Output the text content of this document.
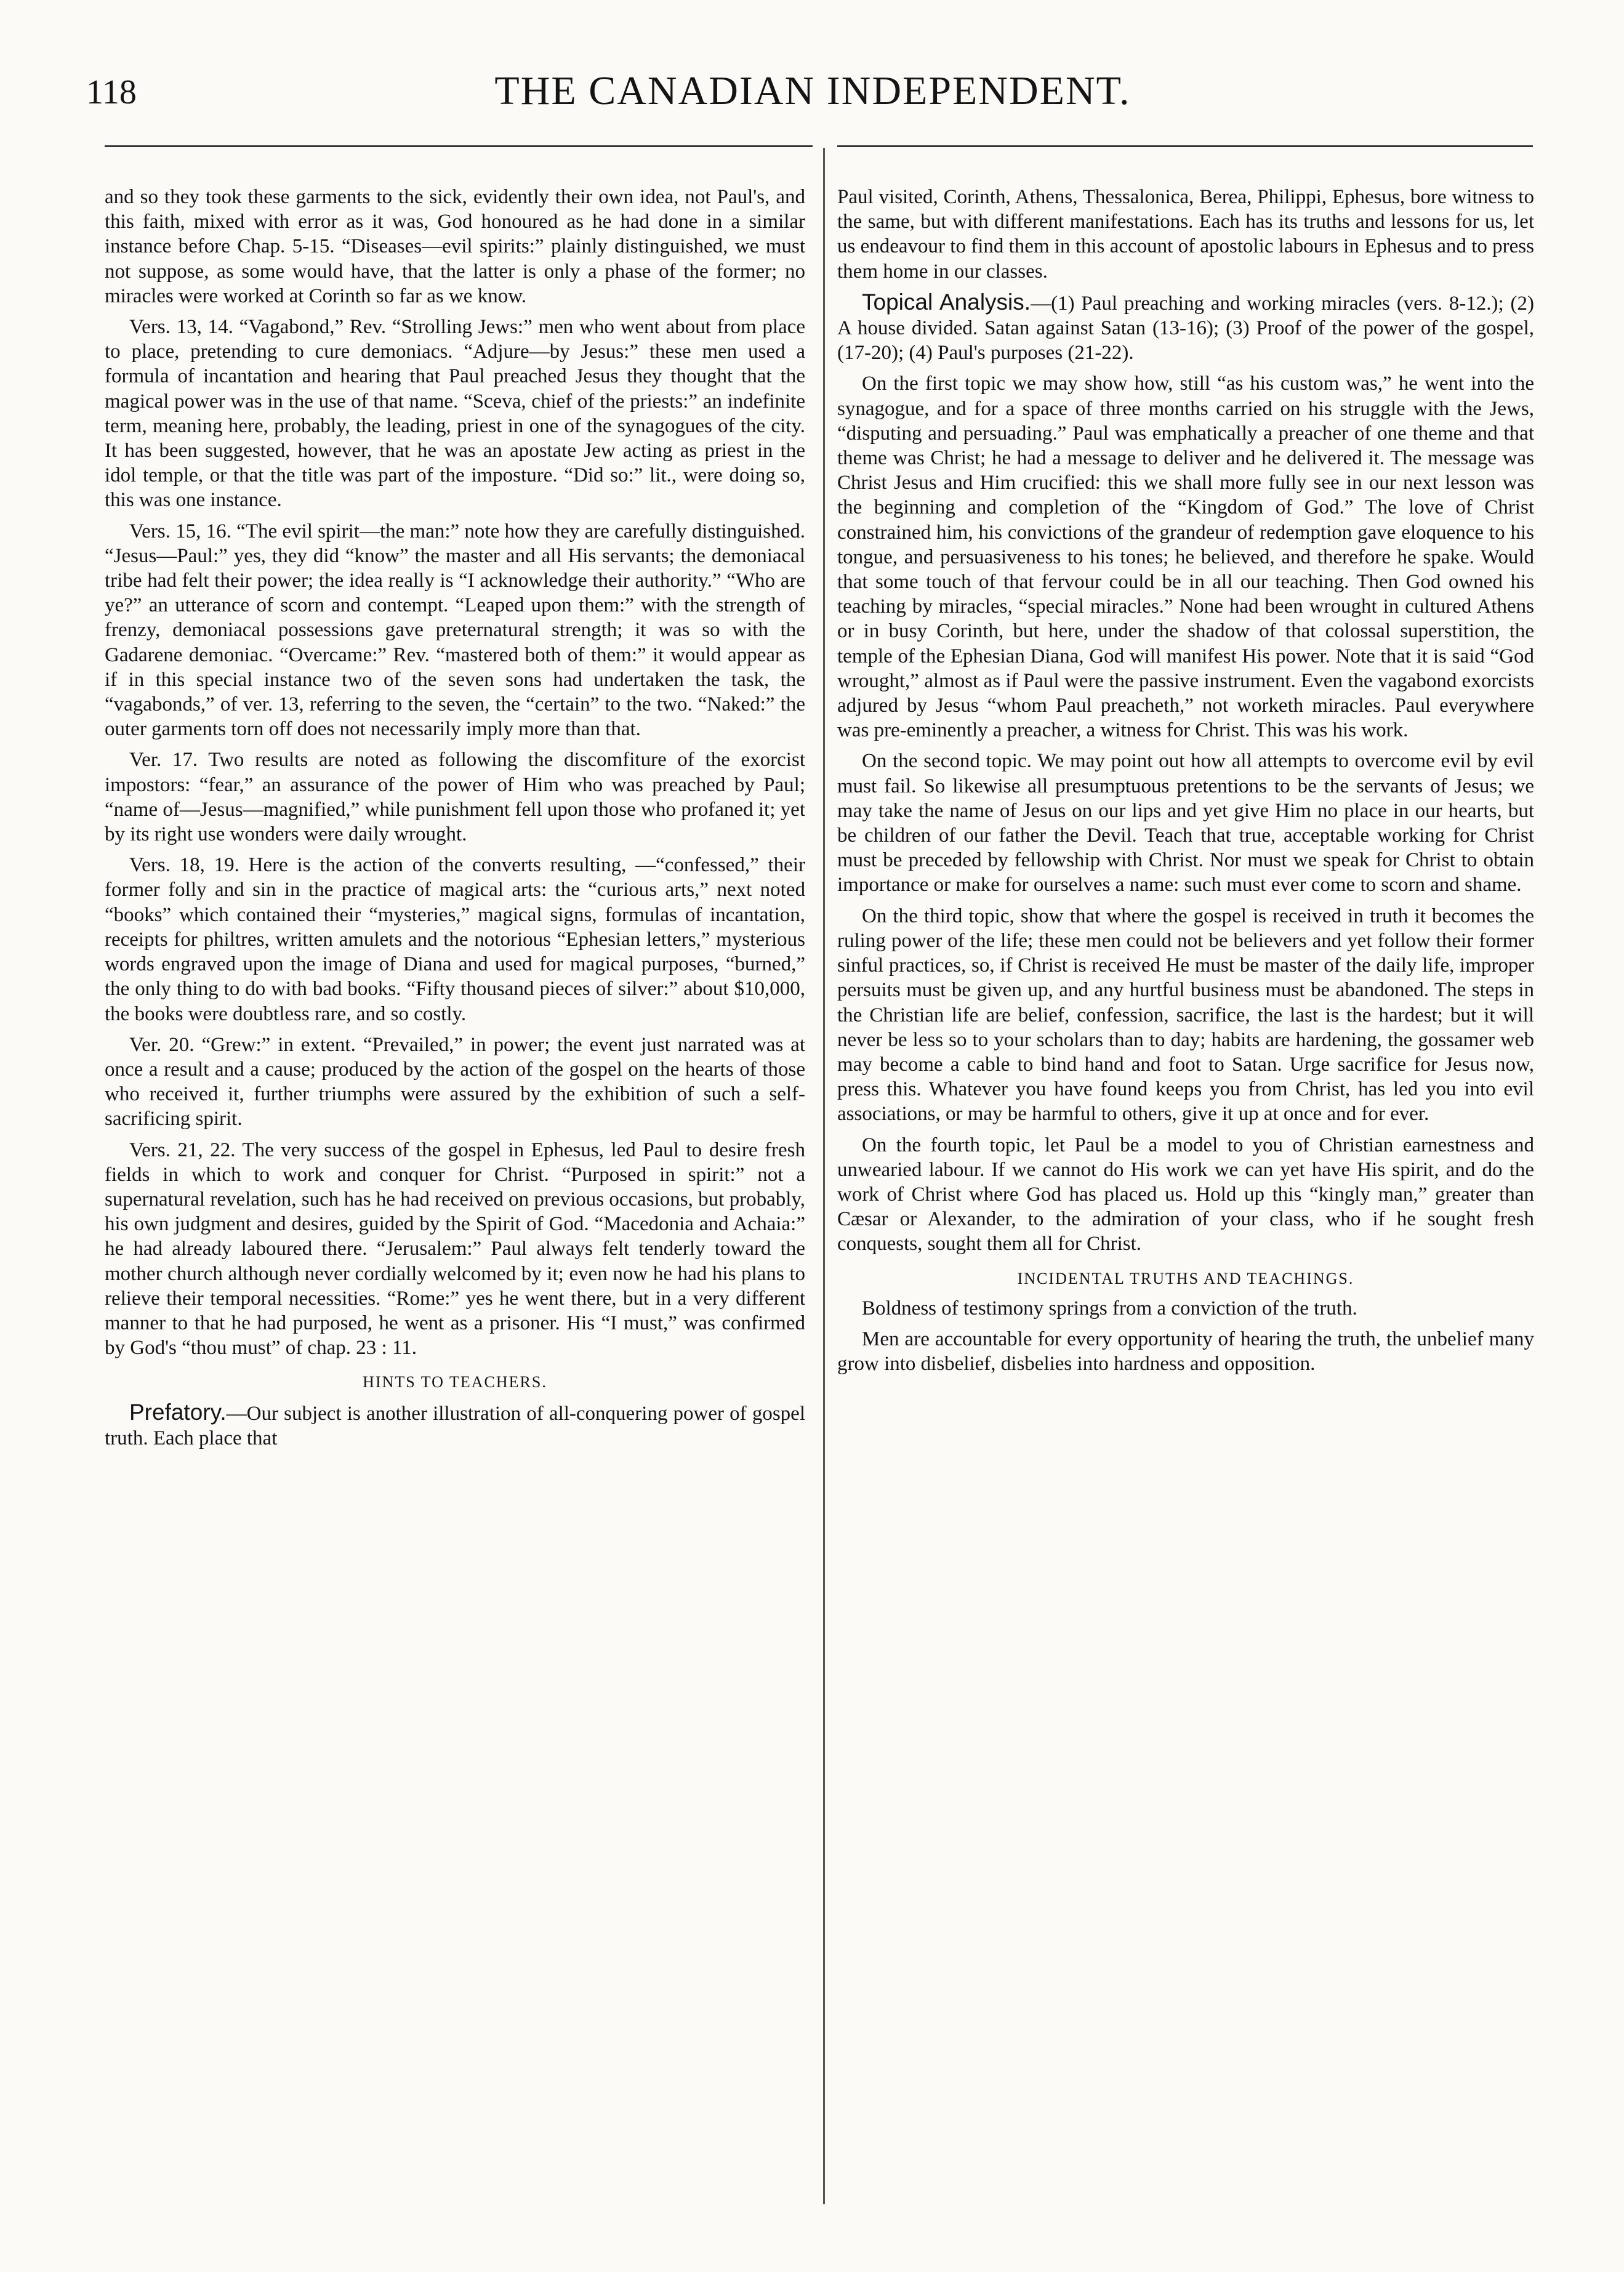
118	THE CANADIAN INDEPENDENT.

and so they took these garments to the sick, evidently their own idea, not Paul's, and this faith, mixed with error as it was, God honoured as he had done in a similar instance before Chap. 5-15. “Diseases—evil spirits:” plainly distinguished, we must not suppose, as some would have, that the latter is only a phase of the former; no miracles were worked at Corinth so far as we know.

Vers. 13, 14. “Vagabond,” Rev. “Strolling Jews:” men who went about from place to place, pretending to cure demoniacs. “Adjure—by Jesus:” these men used a formula of incantation and hearing that Paul preached Jesus they thought that the magical power was in the use of that name. “Sceva, chief of the priests:” an indefinite term, meaning here, probably, the leading, priest in one of the synagogues of the city. It has been suggested, however, that he was an apostate Jew acting as priest in the idol temple, or that the title was part of the imposture. “Did so:” lit., were doing so, this was one instance.

Vers. 15, 16. “The evil spirit—the man:” note how they are carefully distinguished. “Jesus—Paul:” yes, they did “know” the master and all His servants; the demoniacal tribe had felt their power; the idea really is “I acknowledge their authority.” “Who are ye?” an utterance of scorn and contempt. “Leaped upon them:” with the strength of frenzy, demoniacal possessions gave preternatural strength; it was so with the Gadarene demoniac. “Overcame:” Rev. “mastered both of them:” it would appear as if in this special instance two of the seven sons had undertaken the task, the “vagabonds,” of ver. 13, referring to the seven, the “certain” to the two. “Naked:” the outer garments torn off does not necessarily imply more than that.

Ver. 17. Two results are noted as following the discomfiture of the exorcist impostors: “fear,” an assurance of the power of Him who was preached by Paul; “name of—Jesus—magnified,” while punishment fell upon those who profaned it; yet by its right use wonders were daily wrought.

Vers. 18, 19. Here is the action of the converts resulting, —“confessed,” their former folly and sin in the practice of magical arts: the “curious arts,” next noted “books” which contained their “mysteries,” magical signs, formulas of incantation, receipts for philtres, written amulets and the notorious “Ephesian letters,” mysterious words engraved upon the image of Diana and used for magical purposes, “burned,” the only thing to do with bad books. “Fifty thousand pieces of silver:” about $10,000, the books were doubtless rare, and so costly.

Ver. 20. “Grew:” in extent. “Prevailed,” in power; the event just narrated was at once a result and a cause; produced by the action of the gospel on the hearts of those who received it, further triumphs were assured by the exhibition of such a self-sacrificing spirit.

Vers. 21, 22. The very success of the gospel in Ephesus, led Paul to desire fresh fields in which to work and conquer for Christ. “Purposed in spirit:” not a supernatural revelation, such has he had received on previous occasions, but probably, his own judgment and desires, guided by the Spirit of God. “Macedonia and Achaia:” he had already laboured there. “Jerusalem:” Paul always felt tenderly toward the mother church although never cordially welcomed by it; even now he had his plans to relieve their temporal necessities. “Rome:” yes he went there, but in a very different manner to that he had purposed, he went as a prisoner. His “I must,” was confirmed by God's “thou must” of chap. 23 : 11.

HINTS TO TEACHERS.

Prefatory.—Our subject is another illustration of all-conquering power of gospel truth. Each place that

Paul visited, Corinth, Athens, Thessalonica, Berea, Philippi, Ephesus, bore witness to the same, but with different manifestations. Each has its truths and lessons for us, let us endeavour to find them in this account of apostolic labours in Ephesus and to press them home in our classes.

Topical Analysis.—(1) Paul preaching and working miracles (vers. 8-12.); (2) A house divided. Satan against Satan (13-16); (3) Proof of the power of the gospel, (17-20); (4) Paul's purposes (21-22).

On the first topic we may show how, still “as his custom was,” he went into the synagogue, and for a space of three months carried on his struggle with the Jews, “disputing and persuading.” Paul was emphatically a preacher of one theme and that theme was Christ; he had a message to deliver and he delivered it. The message was Christ Jesus and Him crucified: this we shall more fully see in our next lesson was the beginning and completion of the “Kingdom of God.” The love of Christ constrained him, his convictions of the grandeur of redemption gave eloquence to his tongue, and persuasiveness to his tones; he believed, and therefore he spake. Would that some touch of that fervour could be in all our teaching. Then God owned his teaching by miracles, “special miracles.” None had been wrought in cultured Athens or in busy Corinth, but here, under the shadow of that colossal superstition, the temple of the Ephesian Diana, God will manifest His power. Note that it is said “God wrought,” almost as if Paul were the passive instrument. Even the vagabond exorcists adjured by Jesus “whom Paul preacheth,” not worketh miracles. Paul everywhere was pre-eminently a preacher, a witness for Christ. This was his work.

On the second topic. We may point out how all attempts to overcome evil by evil must fail. So likewise all presumptuous pretentions to be the servants of Jesus; we may take the name of Jesus on our lips and yet give Him no place in our hearts, but be children of our father the Devil. Teach that true, acceptable working for Christ must be preceded by fellowship with Christ. Nor must we speak for Christ to obtain importance or make for ourselves a name: such must ever come to scorn and shame.

On the third topic, show that where the gospel is received in truth it becomes the ruling power of the life; these men could not be believers and yet follow their former sinful practices, so, if Christ is received He must be master of the daily life, improper persuits must be given up, and any hurtful business must be abandoned. The steps in the Christian life are belief, confession, sacrifice, the last is the hardest; but it will never be less so to your scholars than to day; habits are hardening, the gossamer web may become a cable to bind hand and foot to Satan. Urge sacrifice for Jesus now, press this. Whatever you have found keeps you from Christ, has led you into evil associations, or may be harmful to others, give it up at once and for ever.

On the fourth topic, let Paul be a model to you of Christian earnestness and unwearied labour. If we cannot do His work we can yet have His spirit, and do the work of Christ where God has placed us. Hold up this “kingly man,” greater than Cæsar or Alexander, to the admiration of your class, who if he sought fresh conquests, sought them all for Christ.

INCIDENTAL TRUTHS AND TEACHINGS.

Boldness of testimony springs from a conviction of the truth.

Men are accountable for every opportunity of hearing the truth, the unbelief many grow into disbelief, disbelies into hardness and opposition.
